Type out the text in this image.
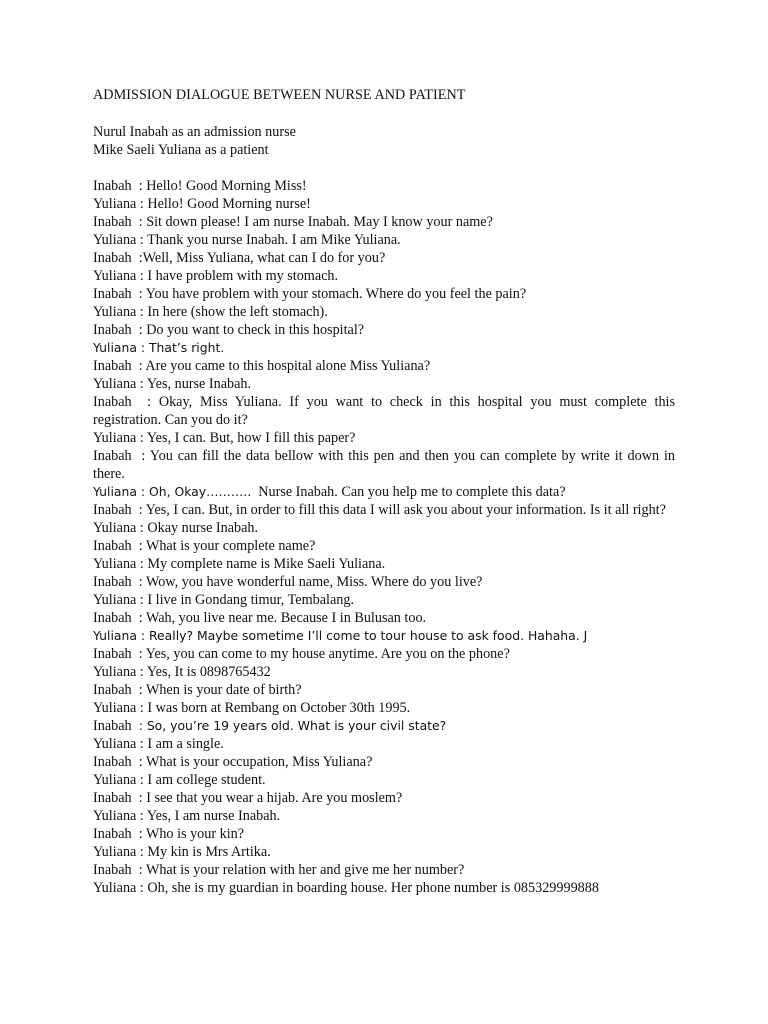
ADMISSION DIALOGUE BETWEEN NURSE AND PATIENT
Nurul Inabah as an admission nurse
Mike Saeli Yuliana as a patient
Inabah  : Hello! Good Morning Miss!
Yuliana : Hello! Good Morning nurse!
Inabah  : Sit down please! I am nurse Inabah. May I know your name?
Yuliana : Thank you nurse Inabah. I am Mike Yuliana.
Inabah  :Well, Miss Yuliana, what can I do for you?
Yuliana : I have problem with my stomach.
Inabah  : You have problem with your stomach. Where do you feel the pain?
Yuliana : In here (show the left stomach).
Inabah  : Do you want to check in this hospital?
Yuliana : That’s right.
Inabah  : Are you came to this hospital alone Miss Yuliana?
Yuliana : Yes, nurse Inabah.
Inabah  : Okay, Miss Yuliana. If you want to check in this hospital you must complete this registration. Can you do it?
Yuliana : Yes, I can. But, how I fill this paper?
Inabah  : You can fill the data bellow with this pen and then you can complete by write it down in there.
Yuliana : Oh, Okay………..  Nurse Inabah. Can you help me to complete this data?
Inabah  : Yes, I can. But, in order to fill this data I will ask you about your information. Is it all right?
Yuliana : Okay nurse Inabah.
Inabah  : What is your complete name?
Yuliana : My complete name is Mike Saeli Yuliana.
Inabah  : Wow, you have wonderful name, Miss. Where do you live?
Yuliana : I live in Gondang timur, Tembalang.
Inabah  : Wah, you live near me. Because I in Bulusan too.
Yuliana : Really? Maybe sometime I’ll come to tour house to ask food. Hahaha. J
Inabah  : Yes, you can come to my house anytime. Are you on the phone?
Yuliana : Yes, It is 0898765432
Inabah  : When is your date of birth?
Yuliana : I was born at Rembang on October 30th 1995.
Inabah  : So, you’re 19 years old. What is your civil state?
Yuliana : I am a single.
Inabah  : What is your occupation, Miss Yuliana?
Yuliana : I am college student.
Inabah  : I see that you wear a hijab. Are you moslem?
Yuliana : Yes, I am nurse Inabah.
Inabah  : Who is your kin?
Yuliana : My kin is Mrs Artika.
Inabah  : What is your relation with her and give me her number?
Yuliana : Oh, she is my guardian in boarding house. Her phone number is 085329999888
